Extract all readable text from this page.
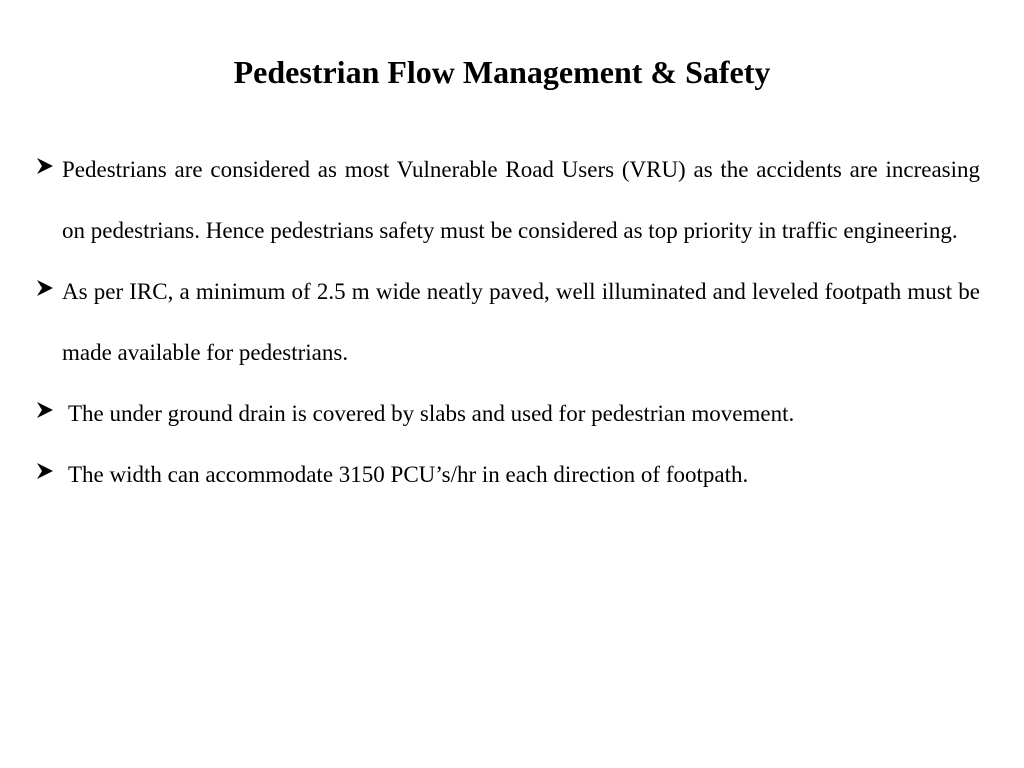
Pedestrian Flow Management & Safety
Pedestrians are considered as most Vulnerable Road Users (VRU) as the accidents are increasing on pedestrians. Hence pedestrians safety must be considered as top priority in traffic engineering.
As per IRC, a minimum of 2.5 m wide neatly paved, well illuminated and leveled footpath must be made available for pedestrians.
The under ground drain is covered by slabs and used for pedestrian movement.
The width can accommodate 3150 PCU’s/hr in each direction of footpath.
